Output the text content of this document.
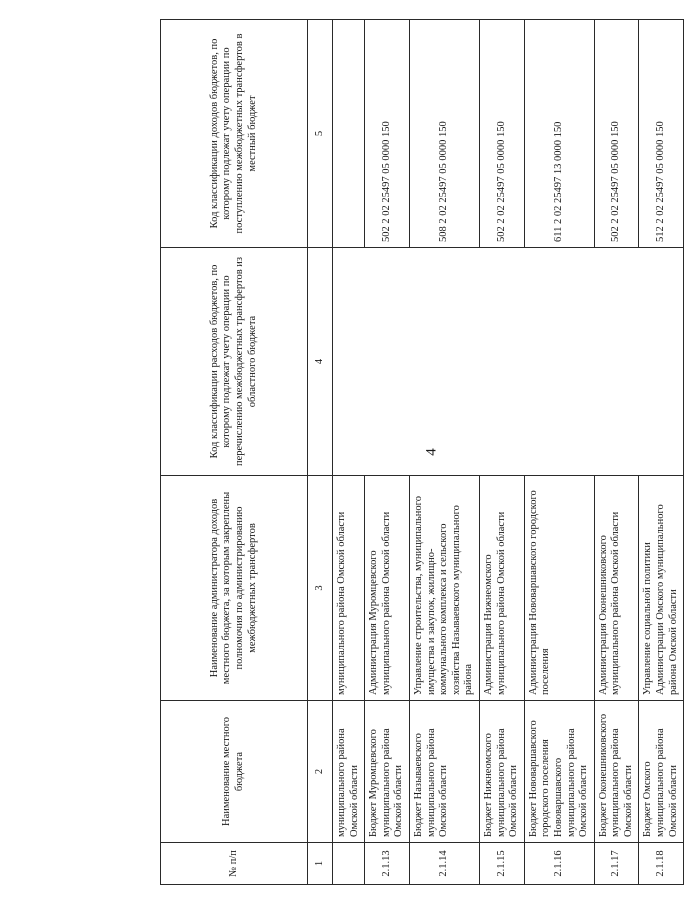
4
№ п/п	Наименование местного бюджета	Наименование администратора доходов местного бюджета, за которым закреплены полномочия по администрированию межбюджетных трансфертов	Код классификации расходов бюджетов, по которому подлежат учету операции по перечислению межбюджетных трансфертов из областного бюджета	Код классификации доходов бюджетов, по которому подлежат учету операции по поступлению межбюджетных трансфертов в местный бюджет
1	2	3	4	5
	муниципального района Омской области	муниципального района Омской области		
2.1.13	Бюджет Муромцевского муниципального района Омской области	Администрация Муромцевского муниципального района Омской области		502 2 02 25497 05 0000 150
2.1.14	Бюджет Называевского муниципального района Омской области	Управление строительства, муниципального имущества и закупок, жилищно-коммунального комплекса и сельского хозяйства Называевского муниципального района		508 2 02 25497 05 0000 150
2.1.15	Бюджет Нижнеомского муниципального района Омской области	Администрация Нижнеомского муниципального района Омской области		502 2 02 25497 05 0000 150
2.1.16	Бюджет Нововаршавского городского поселения Нововаршавского муниципального района Омской области	Администрация Нововаршавского городского поселения		611 2 02 25497 13 0000 150
2.1.17	Бюджет Оконешниковского муниципального района Омской области	Администрация Оконешниковского муниципального района Омской области		502 2 02 25497 05 0000 150
2.1.18	Бюджет Омского муниципального района Омской области	Управление социальной политики Администрации Омского муниципального района Омской области		512 2 02 25497 05 0000 150
